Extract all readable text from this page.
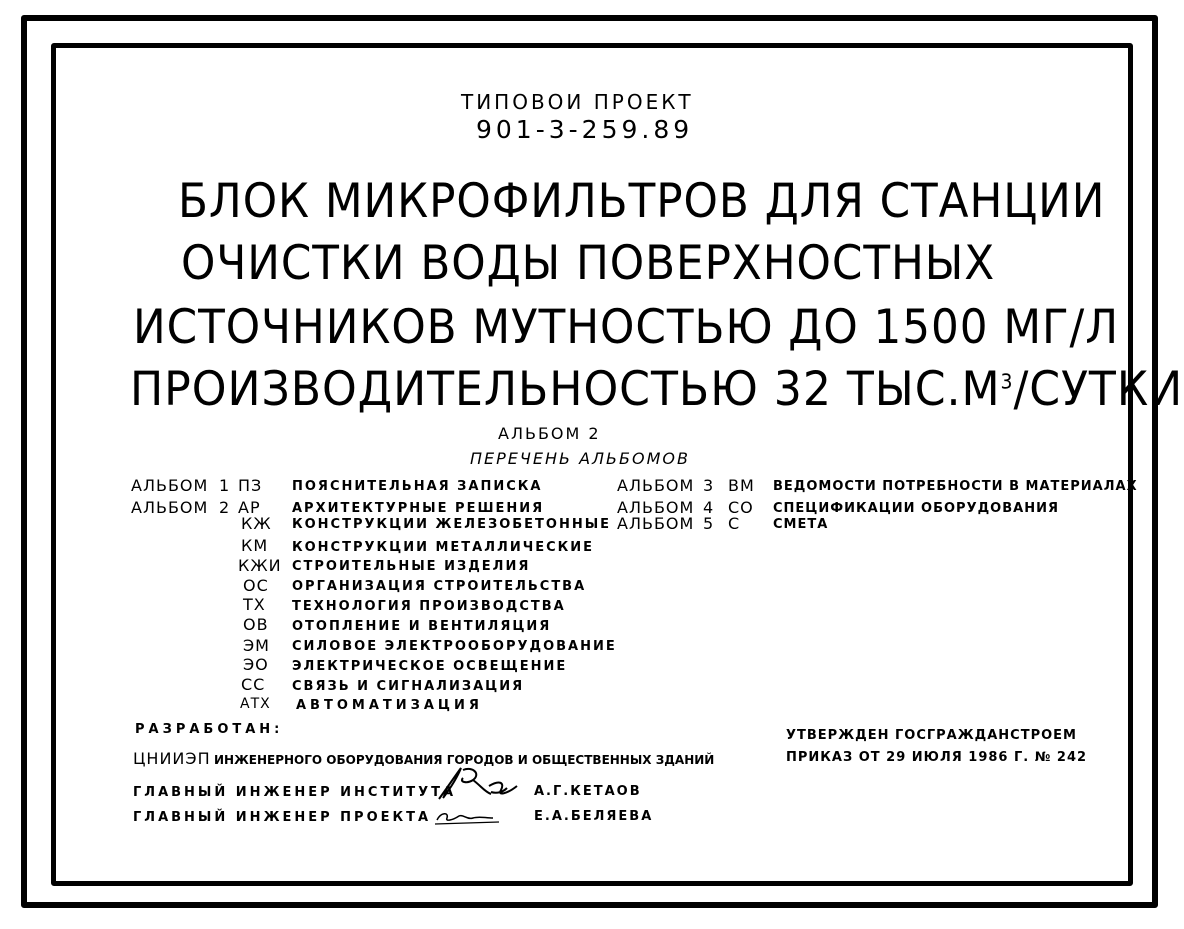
ТИПОВОИ ПРОЕКТ
901-3-259.89
БЛОК МИКРОФИЛЬТРОВ ДЛЯ СТАНЦИИ
ОЧИСТКИ ВОДЫ ПОВЕРХНОСТНЫХ
ИСТОЧНИКОВ МУТНОСТЬЮ ДО 1500 МГ/Л
ПРОИЗВОДИТЕЛЬНОСТЬЮ 32 $ТЫС.М^3$/СУТКИ
АЛЬБОМ 2
ПЕРЕЧЕНЬ АЛЬБОМОВ
АЛЬБОМ 1 ПЗ ПОЯСНИТЕЛЬНАЯ ЗАПИСКА
АЛЬБОМ 2 АР АРХИТЕКТУРНЫЕ РЕШЕНИЯ
КЖ КОНСТРУКЦИИ ЖЕЛЕЗОБЕТОННЫЕ
КМ КОНСТРУКЦИИ МЕТАЛЛИЧЕСКИЕ
КЖИ СТРОИТЕЛЬНЫЕ ИЗДЕЛИЯ
ОС ОРГАНИЗАЦИЯ СТРОИТЕЛЬСТВА
ТХ ТЕХНОЛОГИЯ ПРОИЗВОДСТВА
ОВ ОТОПЛЕНИЕ И ВЕНТИЛЯЦИЯ
ЭМ СИЛОВОЕ ЭЛЕКТРООБОРУДОВАНИЕ
ЭО ЭЛЕКТРИЧЕСКОЕ ОСВЕЩЕНИЕ
СС СВЯЗЬ И СИГНАЛИЗАЦИЯ
АТХ АВТОМАТИЗАЦИЯ
АЛЬБОМ 3 ВМ ВЕДОМОСТИ ПОТРЕБНОСТИ В МАТЕРИАЛАХ
АЛЬБОМ 4 СО СПЕЦИФИКАЦИИ ОБОРУДОВАНИЯ
АЛЬБОМ 5 С	СМЕТА
РАЗРАБОТАН:
ЦНИИЭП ИНЖЕНЕРНОГО ОБОРУДОВАНИЯ ГОРОДОВ И ОБЩЕСТВЕННЫХ ЗДАНИЙ
ГЛАВНЫЙ ИНЖЕНЕР ИНСТИТУТА
ГЛАВНЫЙ ИНЖЕНЕР ПРОЕКТА
А.Г.КЕТАОВ
Е.А.БЕЛЯЕВА
УТВЕРЖДЕН ГОСГРАЖДАНСТРОЕМ
ПРИКАЗ ОТ 29 ИЮЛЯ 1986 Г. № 242
